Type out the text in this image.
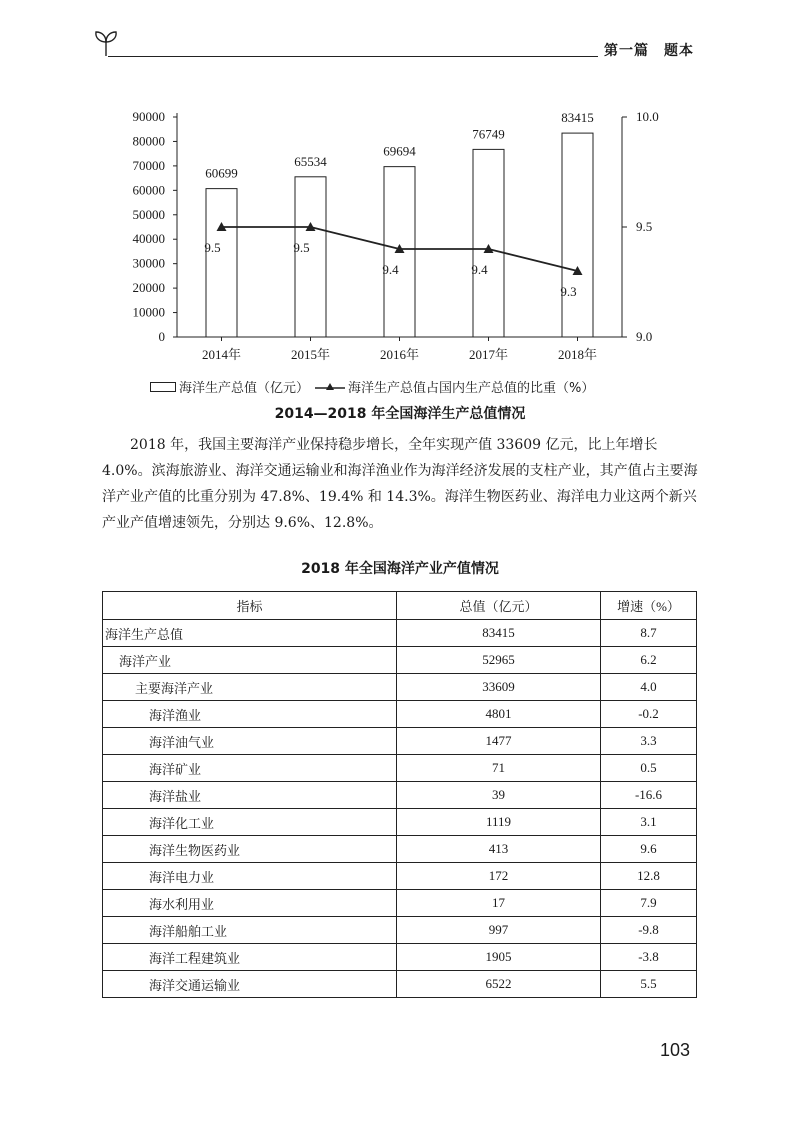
第一篇　题本
0
10000
20000
30000
40000
50000
60000
70000
80000
90000
9.0
9.5
10.0
60699
65534
69694
76749
83415
2014年	2015年	2016年	2017年	2018年
9.5	9.5
9.4	9.4
9.3
海洋生产总值（亿元）	海洋生产总值占国内生产总值的比重（%）
2014—2018 年全国海洋生产总值情况

2018 年，我国主要海洋产业保持稳步增长，全年实现产值 33609 亿元，比上年增长 4.0%。滨海旅游业、海洋交通运输业和海洋渔业作为海洋经济发展的支柱产业，其产值占主要海洋产业产值的比重分别为 47.8%、19.4% 和 14.3%。海洋生物医药业、海洋电力业这两个新兴产业产值增速领先，分别达 9.6%、12.8%。

2018 年全国海洋产业产值情况
指标	总值（亿元）	增速（%）
海洋生产总值	83415	8.7
海洋产业	52965	6.2
主要海洋产业	33609	4.0
海洋渔业	4801	-0.2
海洋油气业	1477	3.3
海洋矿业	71	0.5
海洋盐业	39	-16.6
海洋化工业	1119	3.1
海洋生物医药业	413	9.6
海洋电力业	172	12.8
海水利用业	17	7.9
海洋船舶工业	997	-9.8
海洋工程建筑业	1905	-3.8
海洋交通运输业	6522	5.5
103
